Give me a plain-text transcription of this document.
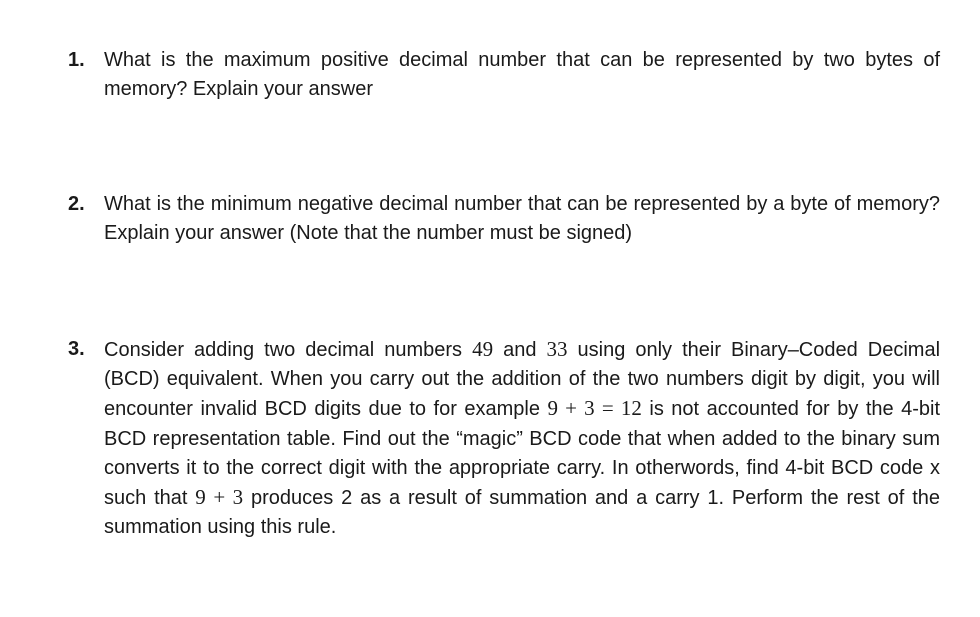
1. What is the maximum positive decimal number that can be represented by two bytes of memory? Explain your answer
2. What is the minimum negative decimal number that can be represented by a byte of memory? Explain your answer (Note that the number must be signed)
3. Consider adding two decimal numbers 49 and 33 using only their Binary–Coded Decimal (BCD) equivalent. When you carry out the addition of the two numbers digit by digit, you will encounter invalid BCD digits due to for example 9 + 3 = 12 is not accounted for by the 4-bit BCD representation table. Find out the “magic” BCD code that when added to the binary sum converts it to the correct digit with the appropriate carry. In otherwords, find 4-bit BCD code x such that 9 + 3 produces 2 as a result of summation and a carry 1. Perform the rest of the summation using this rule.
